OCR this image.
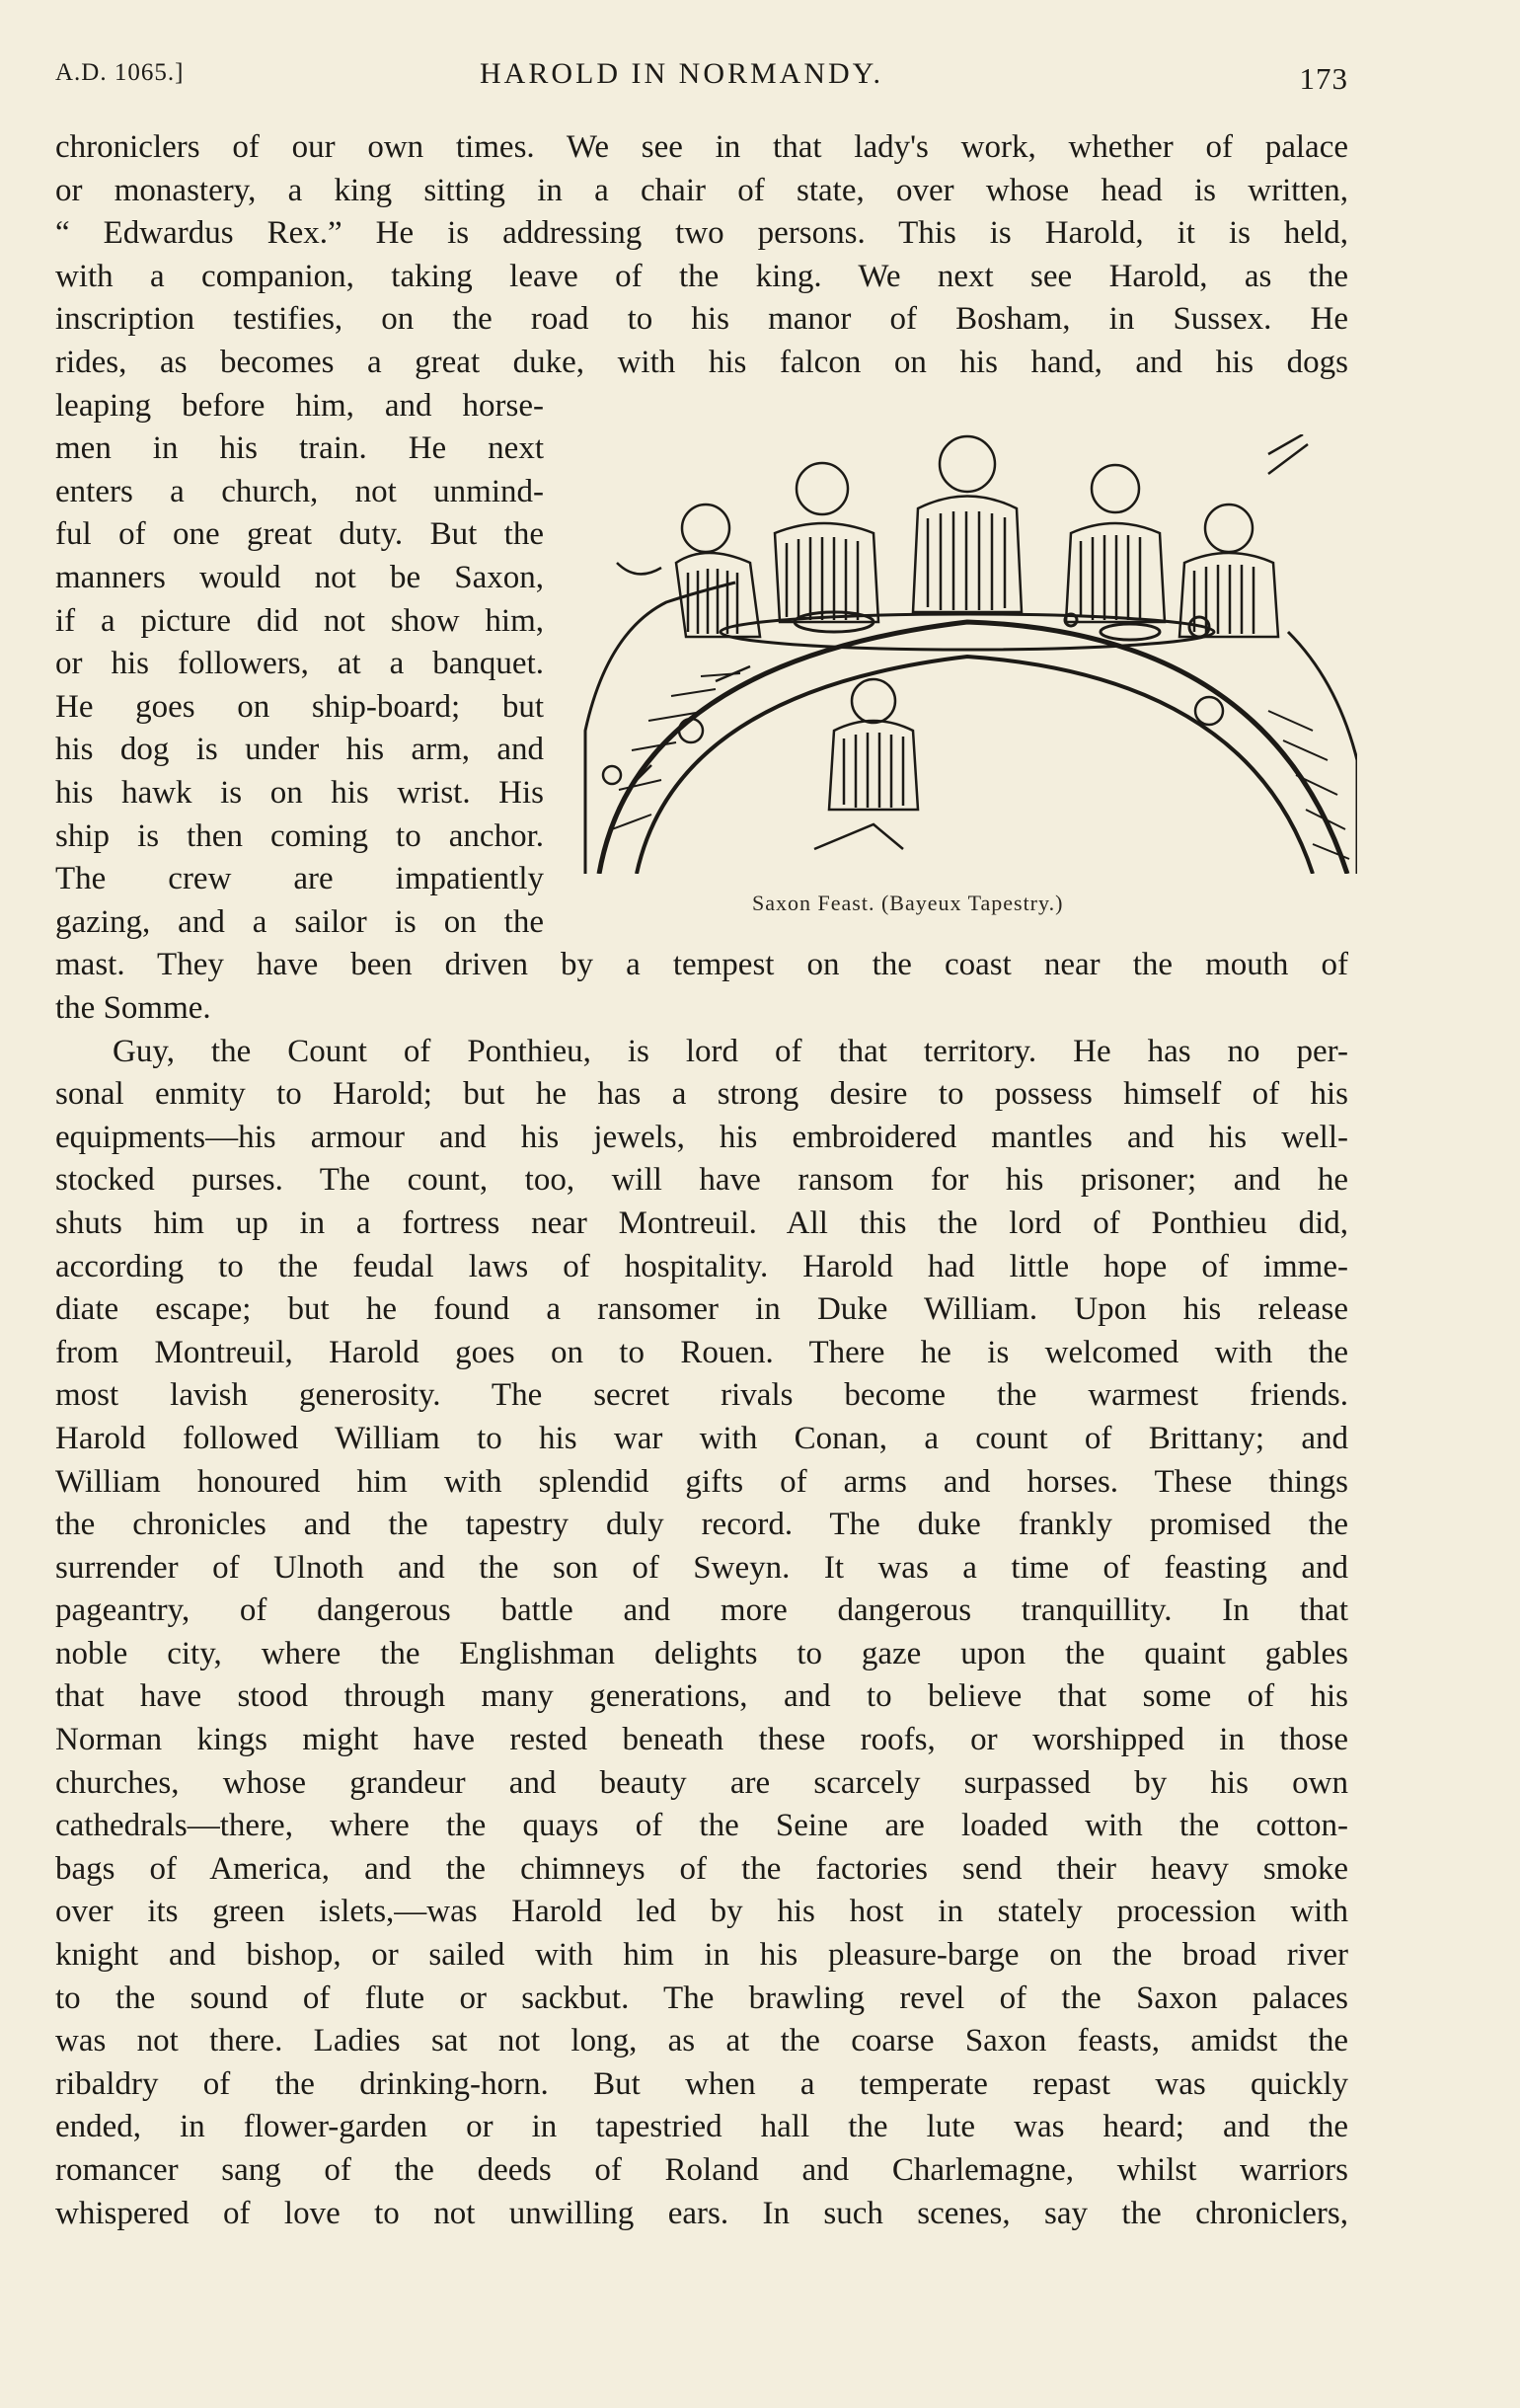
A.D. 1065.]	HAROLD IN NORMANDY.	173
chroniclers of our own times. We see in that lady's work, whether of palace
or monastery, a king sitting in a chair of state, over whose head is written,
“ Edwardus Rex.” He is addressing two persons. This is Harold, it is held,
with a companion, taking leave of the king. We next see Harold, as the
inscription testifies, on the road to his manor of Bosham, in Sussex. He
rides, as becomes a great duke, with his falcon on his hand, and his dogs
leaping before him, and horse-
men in his train. He next
enters a church, not unmind-
ful of one great duty. But the
manners would not be Saxon,
if a picture did not show him,
or his followers, at a banquet.
He goes on ship-board; but
his dog is under his arm, and
his hawk is on his wrist. His
ship is then coming to anchor.
The crew are impatiently
gazing, and a sailor is on the
Saxon Feast. (Bayeux Tapestry.)
mast. They have been driven by a tempest on the coast near the mouth of
the Somme.
Guy, the Count of Ponthieu, is lord of that territory. He has no per-
sonal enmity to Harold; but he has a strong desire to possess himself of his
equipments—his armour and his jewels, his embroidered mantles and his well-
stocked purses. The count, too, will have ransom for his prisoner; and he
shuts him up in a fortress near Montreuil. All this the lord of Ponthieu did,
according to the feudal laws of hospitality. Harold had little hope of imme-
diate escape; but he found a ransomer in Duke William. Upon his release
from Montreuil, Harold goes on to Rouen. There he is welcomed with the
most lavish generosity. The secret rivals become the warmest friends.
Harold followed William to his war with Conan, a count of Brittany; and
William honoured him with splendid gifts of arms and horses. These things
the chronicles and the tapestry duly record. The duke frankly promised the
surrender of Ulnoth and the son of Sweyn. It was a time of feasting and
pageantry, of dangerous battle and more dangerous tranquillity. In that
noble city, where the Englishman delights to gaze upon the quaint gables
that have stood through many generations, and to believe that some of his
Norman kings might have rested beneath these roofs, or worshipped in those
churches, whose grandeur and beauty are scarcely surpassed by his own
cathedrals—there, where the quays of the Seine are loaded with the cotton-
bags of America, and the chimneys of the factories send their heavy smoke
over its green islets,—was Harold led by his host in stately procession with
knight and bishop, or sailed with him in his pleasure-barge on the broad river
to the sound of flute or sackbut. The brawling revel of the Saxon palaces
was not there. Ladies sat not long, as at the coarse Saxon feasts, amidst the
ribaldry of the drinking-horn. But when a temperate repast was quickly
ended, in flower-garden or in tapestried hall the lute was heard; and the
romancer sang of the deeds of Roland and Charlemagne, whilst warriors
whispered of love to not unwilling ears. In such scenes, say the chroniclers,
